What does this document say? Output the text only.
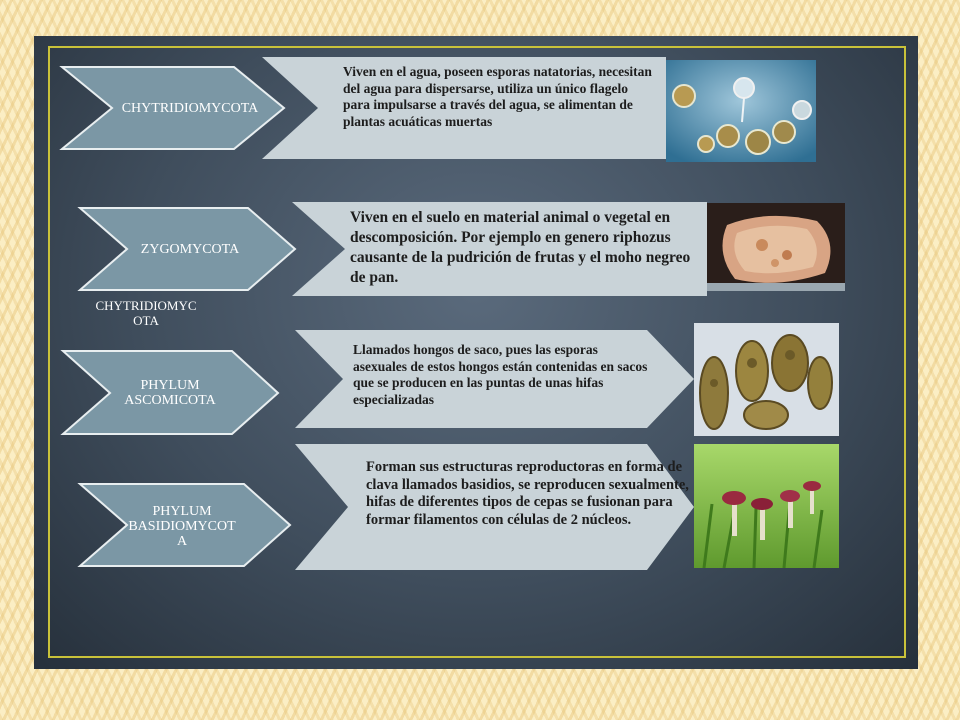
CHYTRIDIOMYCOTA
ZYGOMYCOTA
PHYLUM
ASCOMICOTA
PHYLUM
BASIDIOMYCOT
A
CHYTRIDIOMYC
OTA
Viven en el agua, poseen esporas natatorias, necesitan del agua para dispersarse, utiliza un único flagelo para impulsarse a través del agua, se alimentan de plantas acuáticas muertas
Viven en el suelo en material animal o vegetal en descomposición. Por ejemplo en genero riphozus causante de la pudrición de frutas y el moho negreo de pan.
Llamados hongos de saco, pues las esporas asexuales de estos hongos están contenidas en sacos que se producen en las puntas de unas hifas especializadas
Forman sus estructuras reproductoras en forma de clava llamados basidios, se reproducen sexualmente, hifas de diferentes tipos de cepas se fusionan para formar filamentos con células de 2 núcleos.
